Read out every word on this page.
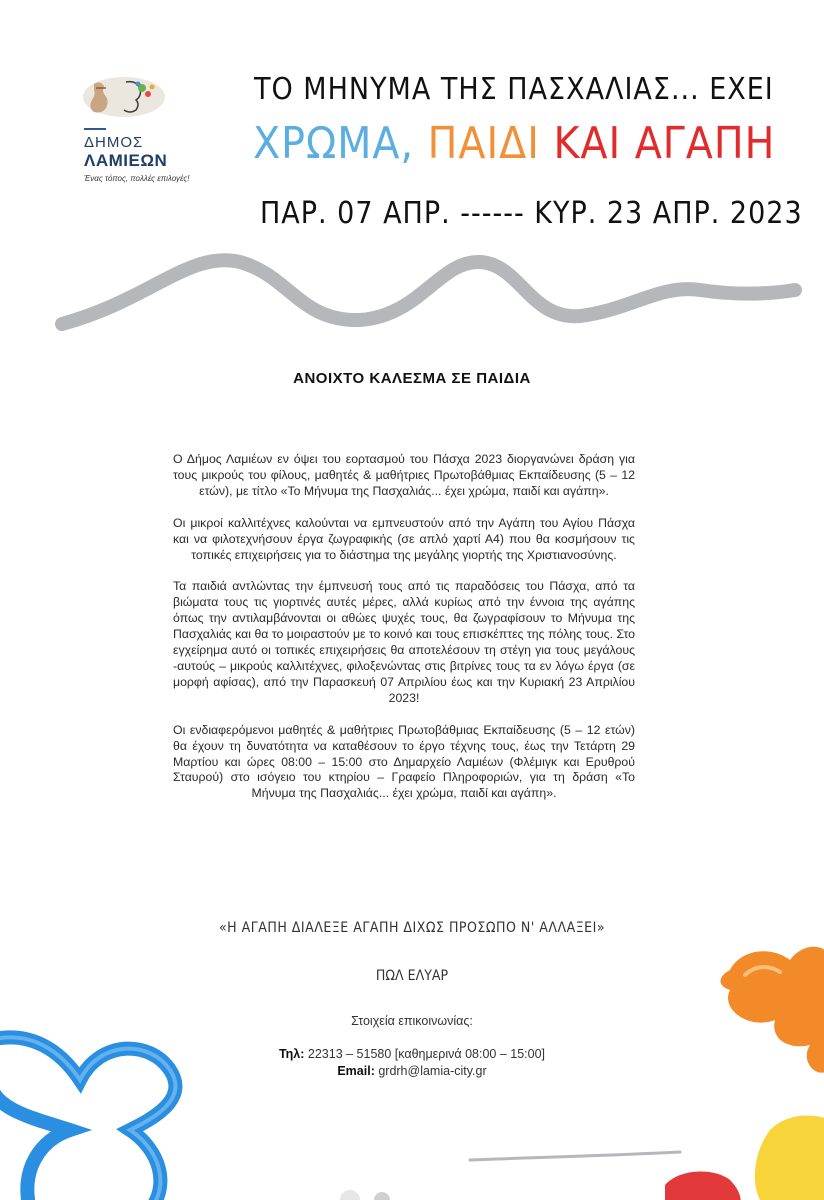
ΔΗΜΟΣ
ΛΑΜΙΕΩΝ
Ένας τόπος, πολλές επιλογές!
ΤΟ ΜΗΝΥΜΑ ΤΗΣ ΠΑΣΧΑΛΙΑΣ... ΕΧΕΙ
ΧΡΩΜΑ, ΠΑΙΔΙ ΚΑΙ ΑΓΑΠΗ
ΠΑΡ. 07 ΑΠΡ. ------ ΚΥΡ. 23 ΑΠΡ. 2023
ΑΝΟΙΧΤΟ ΚΑΛΕΣΜΑ ΣΕ ΠΑΙΔΙΑ

Ο Δήμος Λαμιέων εν όψει του εορτασμού του Πάσχα 2023 διοργανώνει δράση για τους μικρούς του φίλους, μαθητές & μαθήτριες Πρωτοβάθμιας Εκπαίδευσης (5 – 12 ετών), με τίτλο «Το Μήνυμα της Πασχαλιάς... έχει χρώμα, παιδί και αγάπη».

Οι μικροί καλλιτέχνες καλούνται να εμπνευστούν από την Αγάπη του Αγίου Πάσχα και να φιλοτεχνήσουν έργα ζωγραφικής (σε απλό χαρτί Α4) που θα κοσμήσουν τις τοπικές επιχειρήσεις για το διάστημα της μεγάλης γιορτής της Χριστιανοσύνης.

Τα παιδιά αντλώντας την έμπνευσή τους από τις παραδόσεις του Πάσχα, από τα βιώματα τους τις γιορτινές αυτές μέρες, αλλά κυρίως από την έννοια της αγάπης όπως την αντιλαμβάνονται οι αθώες ψυχές τους, θα ζωγραφίσουν το Μήνυμα της Πασχαλιάς και θα το μοιραστούν με το κοινό και τους επισκέπτες της πόλης τους. Στο εγχείρημα αυτό οι τοπικές επιχειρήσεις θα αποτελέσουν τη στέγη για τους μεγάλους -αυτούς – μικρούς καλλιτέχνες, φιλοξενώντας στις βιτρίνες τους τα εν λόγω έργα (σε μορφή αφίσας), από την Παρασκευή 07 Απριλίου έως και την Κυριακή 23 Απριλίου 2023!

Οι ενδιαφερόμενοι μαθητές & μαθήτριες Πρωτοβάθμιας Εκπαίδευσης (5 – 12 ετών) θα έχουν τη δυνατότητα να καταθέσουν το έργο τέχνης τους, έως την Τετάρτη 29 Μαρτίου και ώρες 08:00 – 15:00 στο Δημαρχείο Λαμιέων (Φλέμιγκ και Ερυθρού Σταυρού) στο ισόγειο του κτηρίου – Γραφείο Πληροφοριών, για τη δράση «Το Μήνυμα της Πασχαλιάς... έχει χρώμα, παιδί και αγάπη».

«Η ΑΓΑΠΗ ΔΙΑΛΕΞΕ ΑΓΑΠΗ ΔΙΧΩΣ ΠΡΟΣΩΠΟ Ν' ΑΛΛΑΞΕΙ»
ΠΩΛ ΕΛΥΑΡ
Στοιχεία επικοινωνίας:
Τηλ: 22313 – 51580 [καθημερινά 08:00 – 15:00]
Email: grdrh@lamia-city.gr
